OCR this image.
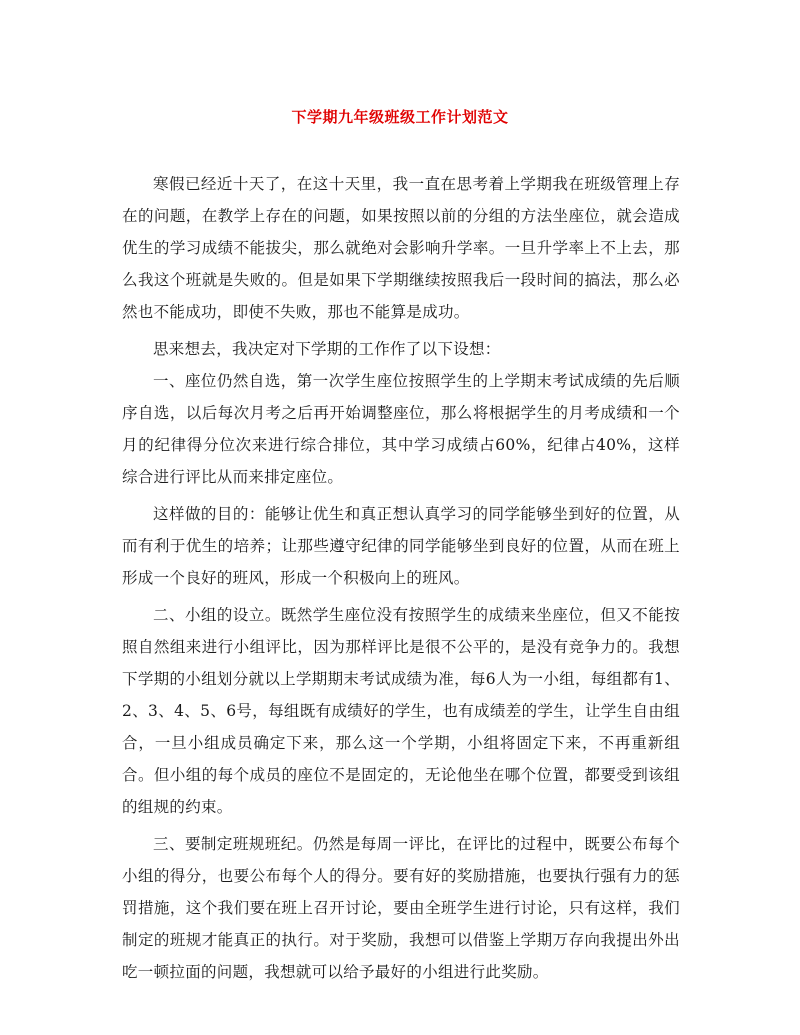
下学期九年级班级工作计划范文

寒假已经近十天了，在这十天里，我一直在思考着上学期我在班级管理上存在的问题，在教学上存在的问题，如果按照以前的分组的方法坐座位，就会造成优生的学习成绩不能拔尖，那么就绝对会影响升学率。一旦升学率上不上去，那么我这个班就是失败的。但是如果下学期继续按照我后一段时间的搞法，那么必然也不能成功，即使不失败，那也不能算是成功。

思来想去，我决定对下学期的工作作了以下设想：

一、座位仍然自选，第一次学生座位按照学生的上学期末考试成绩的先后顺序自选，以后每次月考之后再开始调整座位，那么将根据学生的月考成绩和一个月的纪律得分位次来进行综合排位，其中学习成绩占60%，纪律占40%，这样综合进行评比从而来排定座位。

这样做的目的：能够让优生和真正想认真学习的同学能够坐到好的位置，从而有利于优生的培养；让那些遵守纪律的同学能够坐到良好的位置，从而在班上形成一个良好的班风，形成一个积极向上的班风。

二、小组的设立。既然学生座位没有按照学生的成绩来坐座位，但又不能按照自然组来进行小组评比，因为那样评比是很不公平的，是没有竞争力的。我想下学期的小组划分就以上学期期末考试成绩为准，每6人为一小组，每组都有1、2、3、4、5、6号，每组既有成绩好的学生，也有成绩差的学生，让学生自由组合，一旦小组成员确定下来，那么这一个学期，小组将固定下来，不再重新组合。但小组的每个成员的座位不是固定的，无论他坐在哪个位置，都要受到该组的组规的约束。

三、要制定班规班纪。仍然是每周一评比，在评比的过程中，既要公布每个小组的得分，也要公布每个人的得分。要有好的奖励措施，也要执行强有力的惩罚措施，这个我们要在班上召开讨论，要由全班学生进行讨论，只有这样，我们制定的班规才能真正的执行。对于奖励，我想可以借鉴上学期万存向我提出外出吃一顿拉面的问题，我想就可以给予最好的小组进行此奖励。
